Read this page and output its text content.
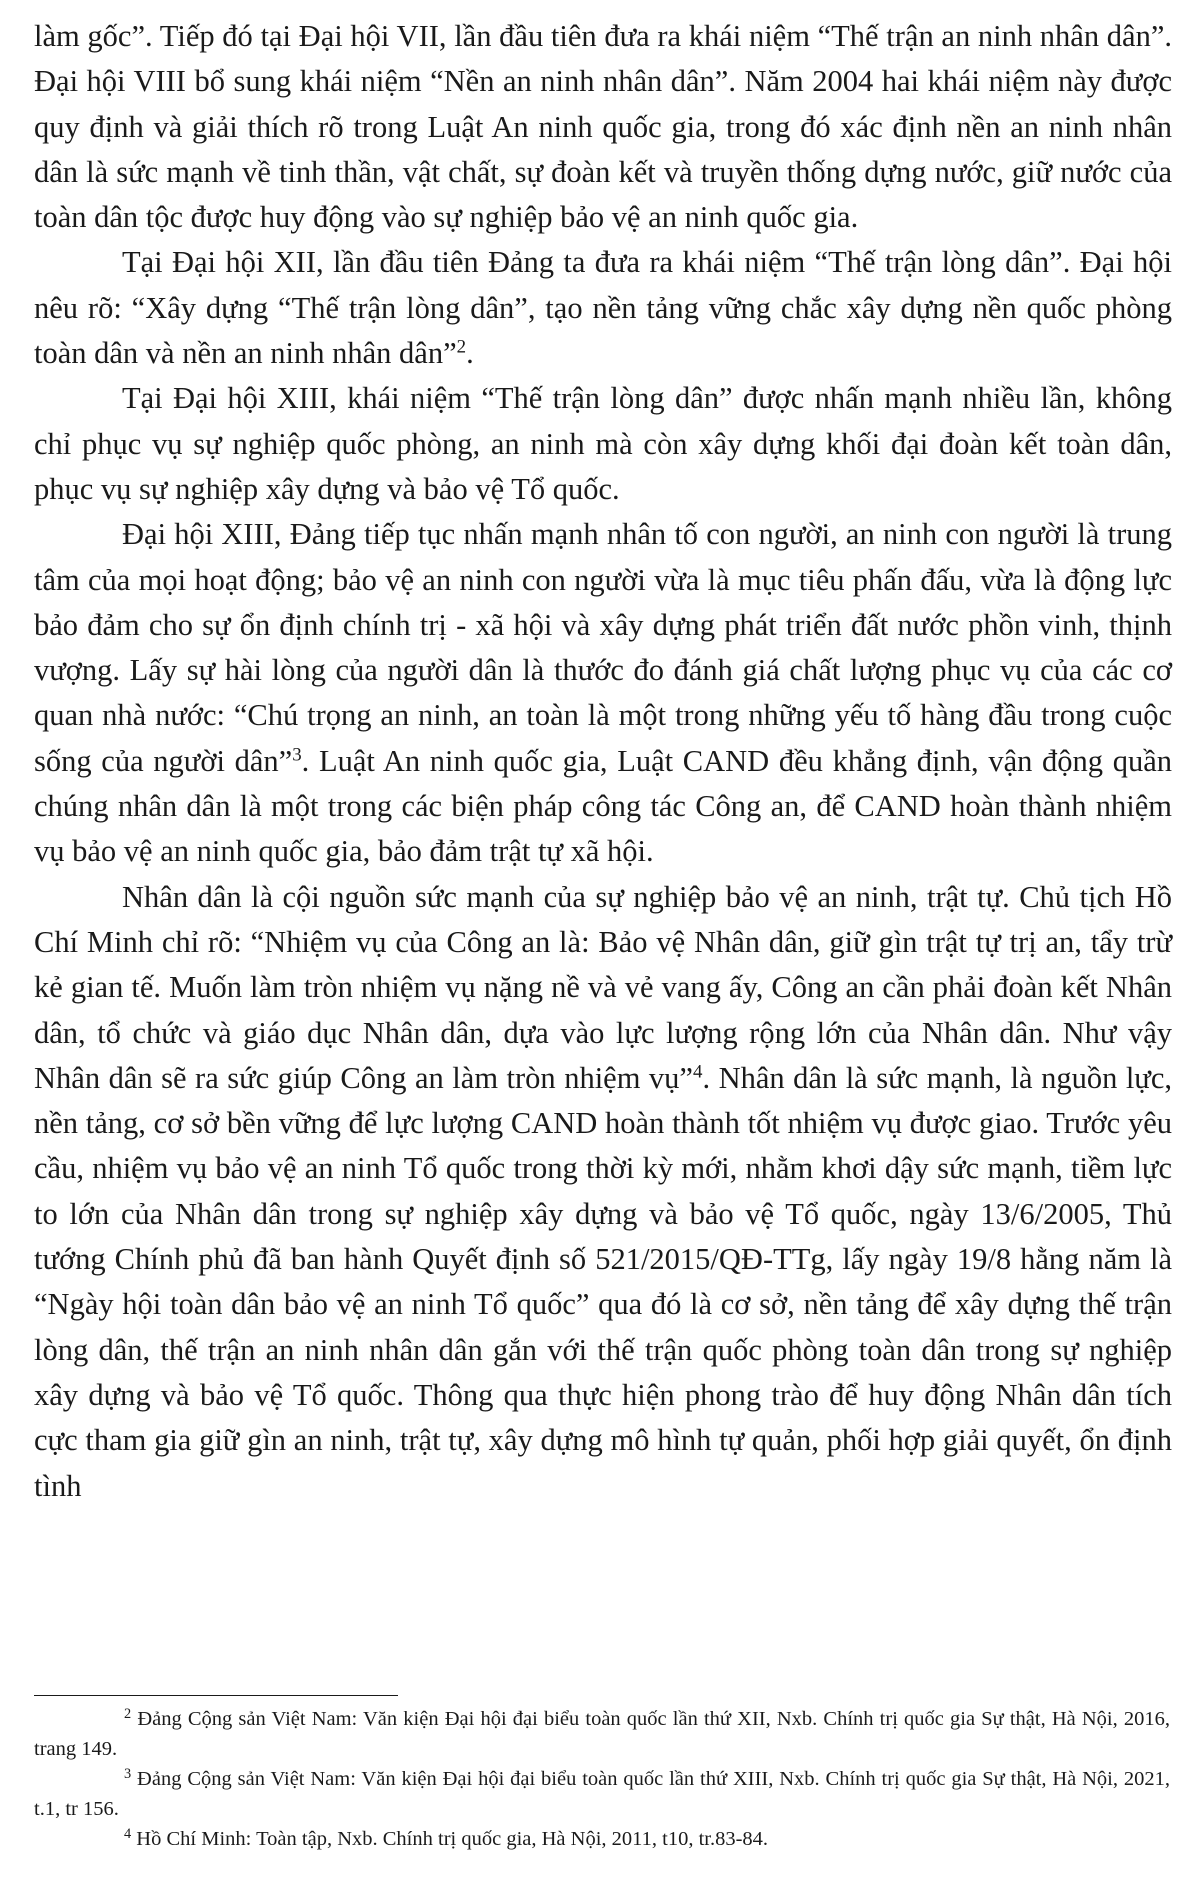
làm gốc”. Tiếp đó tại Đại hội VII, lần đầu tiên đưa ra khái niệm “Thế trận an ninh nhân dân”. Đại hội VIII bổ sung khái niệm “Nền an ninh nhân dân”. Năm 2004 hai khái niệm này được quy định và giải thích rõ trong Luật An ninh quốc gia, trong đó xác định nền an ninh nhân dân là sức mạnh về tinh thần, vật chất, sự đoàn kết và truyền thống dựng nước, giữ nước của toàn dân tộc được huy động vào sự nghiệp bảo vệ an ninh quốc gia.

Tại Đại hội XII, lần đầu tiên Đảng ta đưa ra khái niệm “Thế trận lòng dân”. Đại hội nêu rõ: “Xây dựng “Thế trận lòng dân”, tạo nền tảng vững chắc xây dựng nền quốc phòng toàn dân và nền an ninh nhân dân”$^2$.

Tại Đại hội XIII, khái niệm “Thế trận lòng dân” được nhấn mạnh nhiều lần, không chỉ phục vụ sự nghiệp quốc phòng, an ninh mà còn xây dựng khối đại đoàn kết toàn dân, phục vụ sự nghiệp xây dựng và bảo vệ Tổ quốc.

Đại hội XIII, Đảng tiếp tục nhấn mạnh nhân tố con người, an ninh con người là trung tâm của mọi hoạt động; bảo vệ an ninh con người vừa là mục tiêu phấn đấu, vừa là động lực bảo đảm cho sự ổn định chính trị - xã hội và xây dựng phát triển đất nước phồn vinh, thịnh vượng. Lấy sự hài lòng của người dân là thước đo đánh giá chất lượng phục vụ của các cơ quan nhà nước: “Chú trọng an ninh, an toàn là một trong những yếu tố hàng đầu trong cuộc sống của người dân”$^3$. Luật An ninh quốc gia, Luật CAND đều khẳng định, vận động quần chúng nhân dân là một trong các biện pháp công tác Công an, để CAND hoàn thành nhiệm vụ bảo vệ an ninh quốc gia, bảo đảm trật tự xã hội.

Nhân dân là cội nguồn sức mạnh của sự nghiệp bảo vệ an ninh, trật tự. Chủ tịch Hồ Chí Minh chỉ rõ: “Nhiệm vụ của Công an là: Bảo vệ Nhân dân, giữ gìn trật tự trị an, tẩy trừ kẻ gian tế. Muốn làm tròn nhiệm vụ nặng nề và vẻ vang ấy, Công an cần phải đoàn kết Nhân dân, tổ chức và giáo dục Nhân dân, dựa vào lực lượng rộng lớn của Nhân dân. Như vậy Nhân dân sẽ ra sức giúp Công an làm tròn nhiệm vụ”$^4$. Nhân dân là sức mạnh, là nguồn lực, nền tảng, cơ sở bền vững để lực lượng CAND hoàn thành tốt nhiệm vụ được giao. Trước yêu cầu, nhiệm vụ bảo vệ an ninh Tổ quốc trong thời kỳ mới, nhằm khơi dậy sức mạnh, tiềm lực to lớn của Nhân dân trong sự nghiệp xây dựng và bảo vệ Tổ quốc, ngày 13/6/2005, Thủ tướng Chính phủ đã ban hành Quyết định số 521/2015/QĐ-TTg, lấy ngày 19/8 hằng năm là “Ngày hội toàn dân bảo vệ an ninh Tổ quốc” qua đó là cơ sở, nền tảng để xây dựng thế trận lòng dân, thế trận an ninh nhân dân gắn với thế trận quốc phòng toàn dân trong sự nghiệp xây dựng và bảo vệ Tổ quốc. Thông qua thực hiện phong trào để huy động Nhân dân tích cực tham gia giữ gìn an ninh, trật tự, xây dựng mô hình tự quản, phối hợp giải quyết, ổn định tình

$^2$ Đảng Cộng sản Việt Nam: Văn kiện Đại hội đại biểu toàn quốc lần thứ XII, Nxb. Chính trị quốc gia Sự thật, Hà Nội, 2016, trang 149.

$^3$ Đảng Cộng sản Việt Nam: Văn kiện Đại hội đại biểu toàn quốc lần thứ XIII, Nxb. Chính trị quốc gia Sự thật, Hà Nội, 2021, t.1, tr 156.

$^4$ Hồ Chí Minh: Toàn tập, Nxb. Chính trị quốc gia, Hà Nội, 2011, t10, tr.83-84.
